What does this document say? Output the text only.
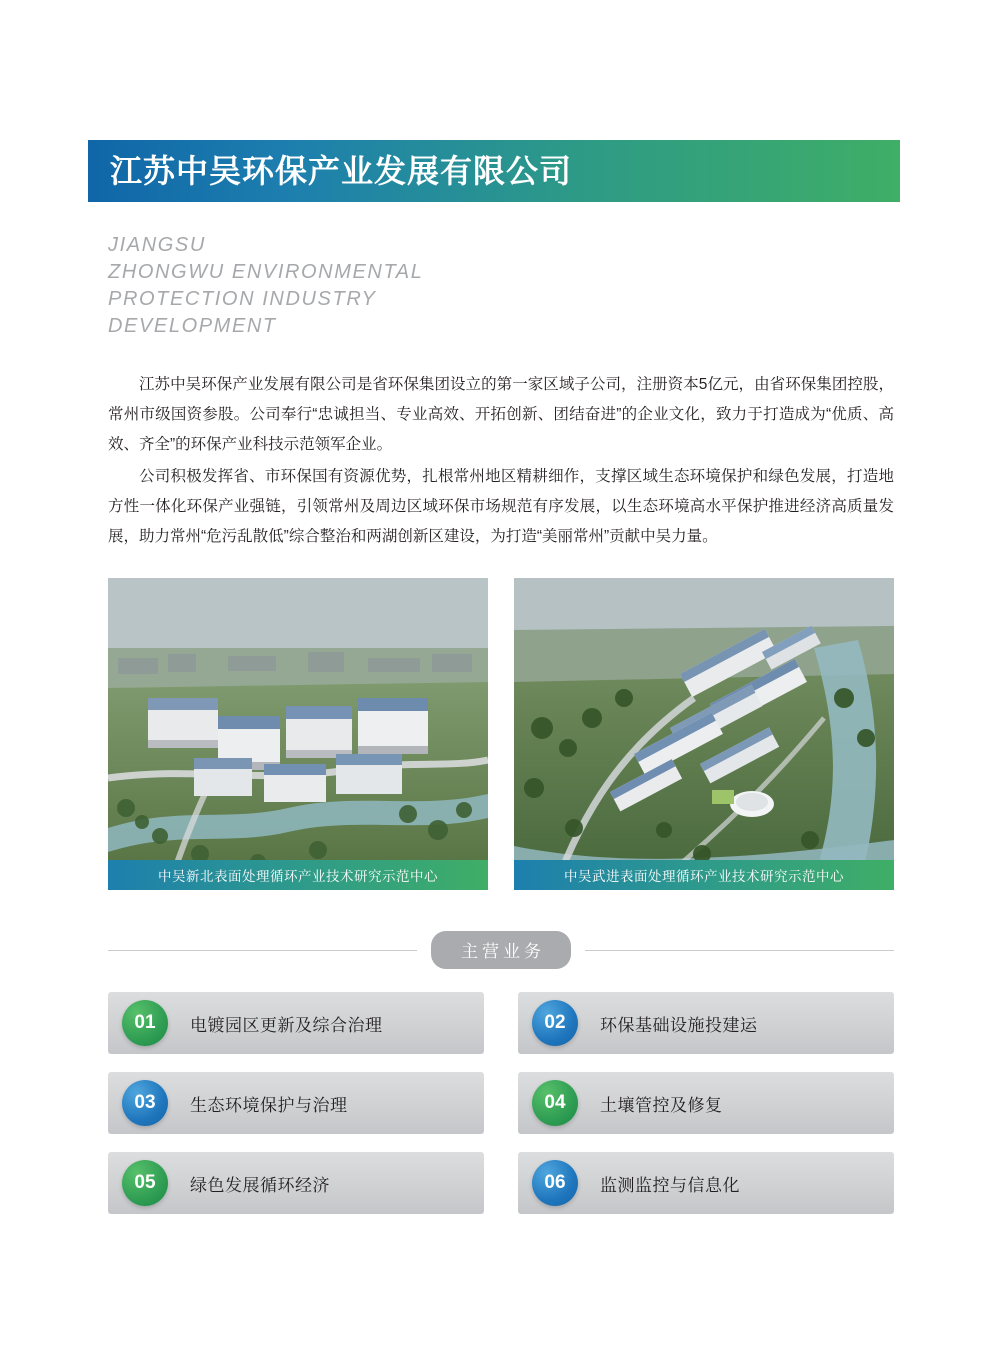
江苏中吴环保产业发展有限公司
JIANGSU
ZHONGWU ENVIRONMENTAL
PROTECTION INDUSTRY
DEVELOPMENT

江苏中吴环保产业发展有限公司是省环保集团设立的第一家区域子公司，注册资本5亿元，由省环保集团控股，常州市级国资参股。公司奉行“忠诚担当、专业高效、开拓创新、团结奋进”的企业文化，致力于打造成为“优质、高效、齐全”的环保产业科技示范领军企业。

公司积极发挥省、市环保国有资源优势，扎根常州地区精耕细作，支撑区域生态环境保护和绿色发展，打造地方性一体化环保产业强链，引领常州及周边区域环保市场规范有序发展，以生态环境高水平保护推进经济高质量发展，助力常州“危污乱散低”综合整治和两湖创新区建设，为打造“美丽常州”贡献中吴力量。

中吴新北表面处理循环产业技术研究示范中心	中吴武进表面处理循环产业技术研究示范中心
主营业务
01	电镀园区更新及综合治理	02	环保基础设施投建运
03	生态环境保护与治理	04	土壤管控及修复
05	绿色发展循环经济	06	监测监控与信息化
